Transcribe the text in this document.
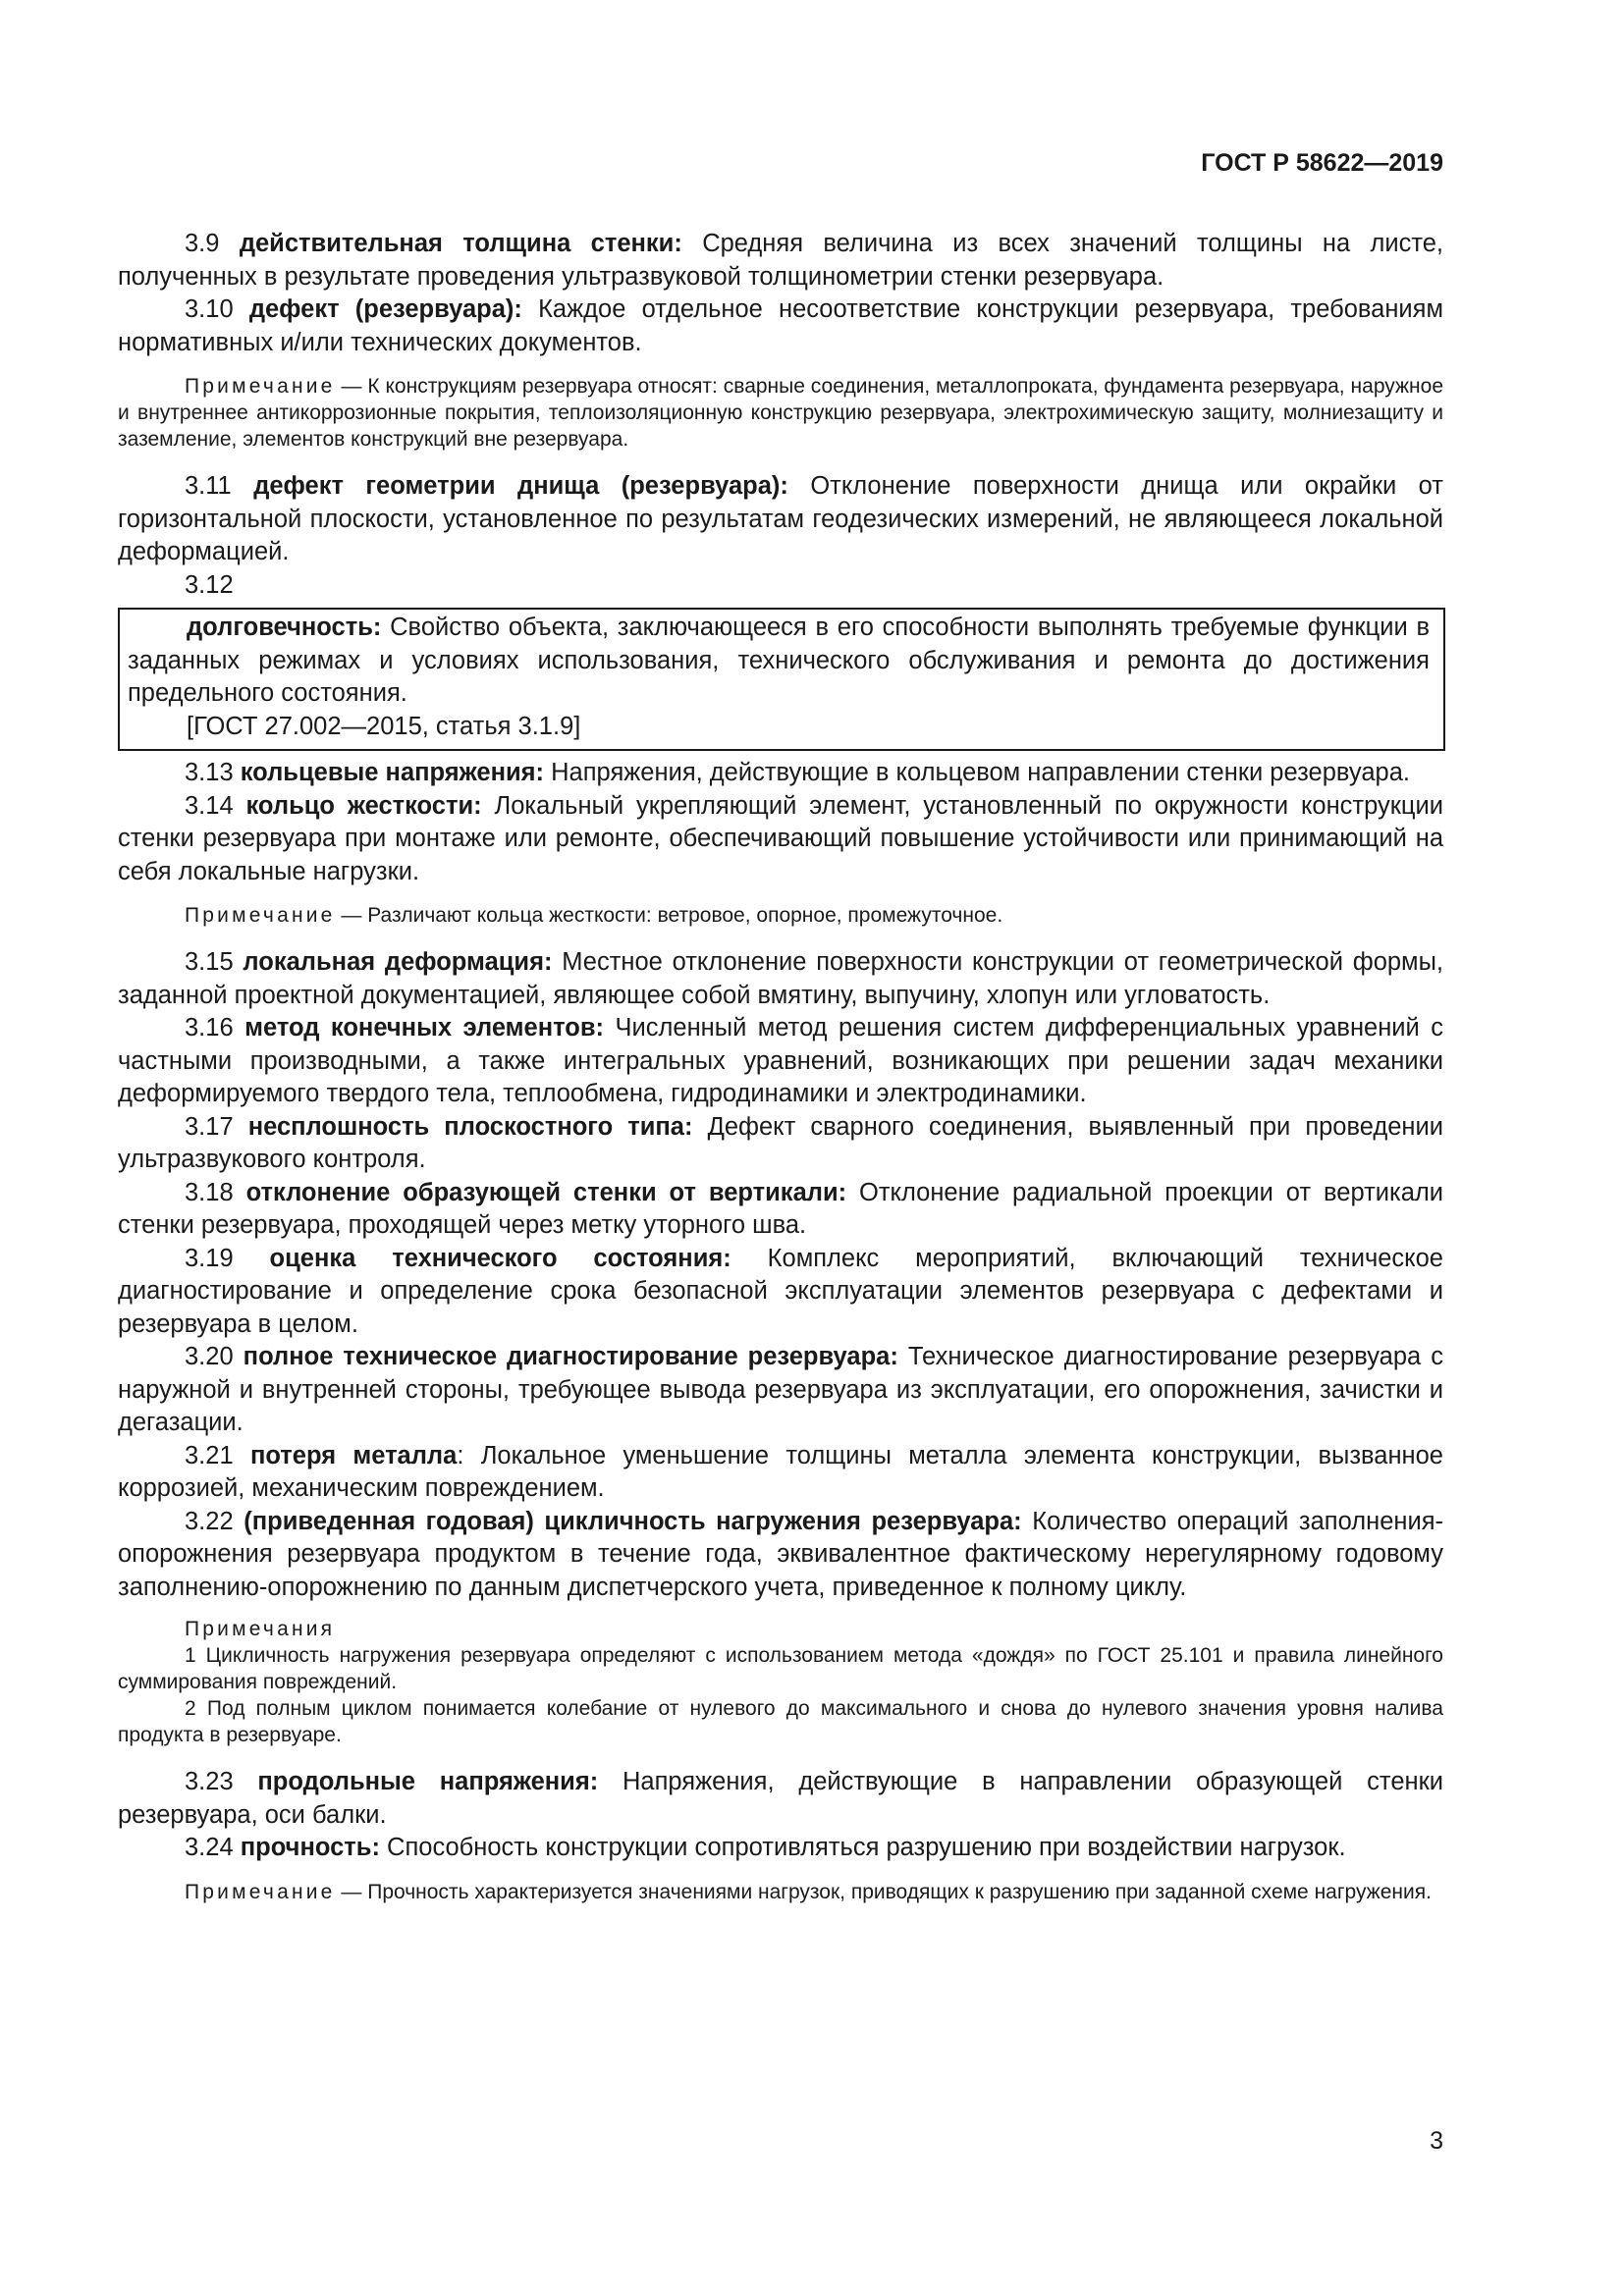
ГОСТ Р 58622—2019

3.9 действительная толщина стенки: Средняя величина из всех значений толщины на листе, полученных в результате проведения ультразвуковой толщинометрии стенки резервуара.

3.10 дефект (резервуара): Каждое отдельное несоответствие конструкции резервуара, требованиям нормативных и/или технических документов.

Примечание — К конструкциям резервуара относят: сварные соединения, металлопроката, фундамента резервуара, наружное и внутреннее антикоррозионные покрытия, теплоизоляционную конструкцию резервуара, электрохимическую защиту, молниезащиту и заземление, элементов конструкций вне резервуара.

3.11 дефект геометрии днища (резервуара): Отклонение поверхности днища или окрайки от горизонтальной плоскости, установленное по результатам геодезических измерений, не являющееся локальной деформацией.

3.12

долговечность: Свойство объекта, заключающееся в его способности выполнять требуемые функции в заданных режимах и условиях использования, технического обслуживания и ремонта до достижения предельного состояния.

[ГОСТ 27.002—2015, статья 3.1.9]

3.13 кольцевые напряжения: Напряжения, действующие в кольцевом направлении стенки резервуара.

3.14 кольцо жесткости: Локальный укрепляющий элемент, установленный по окружности конструкции стенки резервуара при монтаже или ремонте, обеспечивающий повышение устойчивости или принимающий на себя локальные нагрузки.

Примечание — Различают кольца жесткости: ветровое, опорное, промежуточное.

3.15 локальная деформация: Местное отклонение поверхности конструкции от геометрической формы, заданной проектной документацией, являющее собой вмятину, выпучину, хлопун или угловатость.

3.16 метод конечных элементов: Численный метод решения систем дифференциальных уравнений с частными производными, а также интегральных уравнений, возникающих при решении задач механики деформируемого твердого тела, теплообмена, гидродинамики и электродинамики.

3.17 несплошность плоскостного типа: Дефект сварного соединения, выявленный при проведении ультразвукового контроля.

3.18 отклонение образующей стенки от вертикали: Отклонение радиальной проекции от вертикали стенки резервуара, проходящей через метку уторного шва.

3.19 оценка технического состояния: Комплекс мероприятий, включающий техническое диагностирование и определение срока безопасной эксплуатации элементов резервуара с дефектами и резервуара в целом.

3.20 полное техническое диагностирование резервуара: Техническое диагностирование резервуара с наружной и внутренней стороны, требующее вывода резервуара из эксплуатации, его опорожнения, зачистки и дегазации.

3.21 потеря металла: Локальное уменьшение толщины металла элемента конструкции, вызванное коррозией, механическим повреждением.

3.22 (приведенная годовая) цикличность нагружения резервуара: Количество операций заполнения-опорожнения резервуара продуктом в течение года, эквивалентное фактическому нерегулярному годовому заполнению-опорожнению по данным диспетчерского учета, приведенное к полному циклу.

Примечания

1 Цикличность нагружения резервуара определяют с использованием метода «дождя» по ГОСТ 25.101 и правила линейного суммирования повреждений.

2 Под полным циклом понимается колебание от нулевого до максимального и снова до нулевого значения уровня налива продукта в резервуаре.

3.23 продольные напряжения: Напряжения, действующие в направлении образующей стенки резервуара, оси балки.

3.24 прочность: Способность конструкции сопротивляться разрушению при воздействии нагрузок.

Примечание — Прочность характеризуется значениями нагрузок, приводящих к разрушению при заданной схеме нагружения.

3
